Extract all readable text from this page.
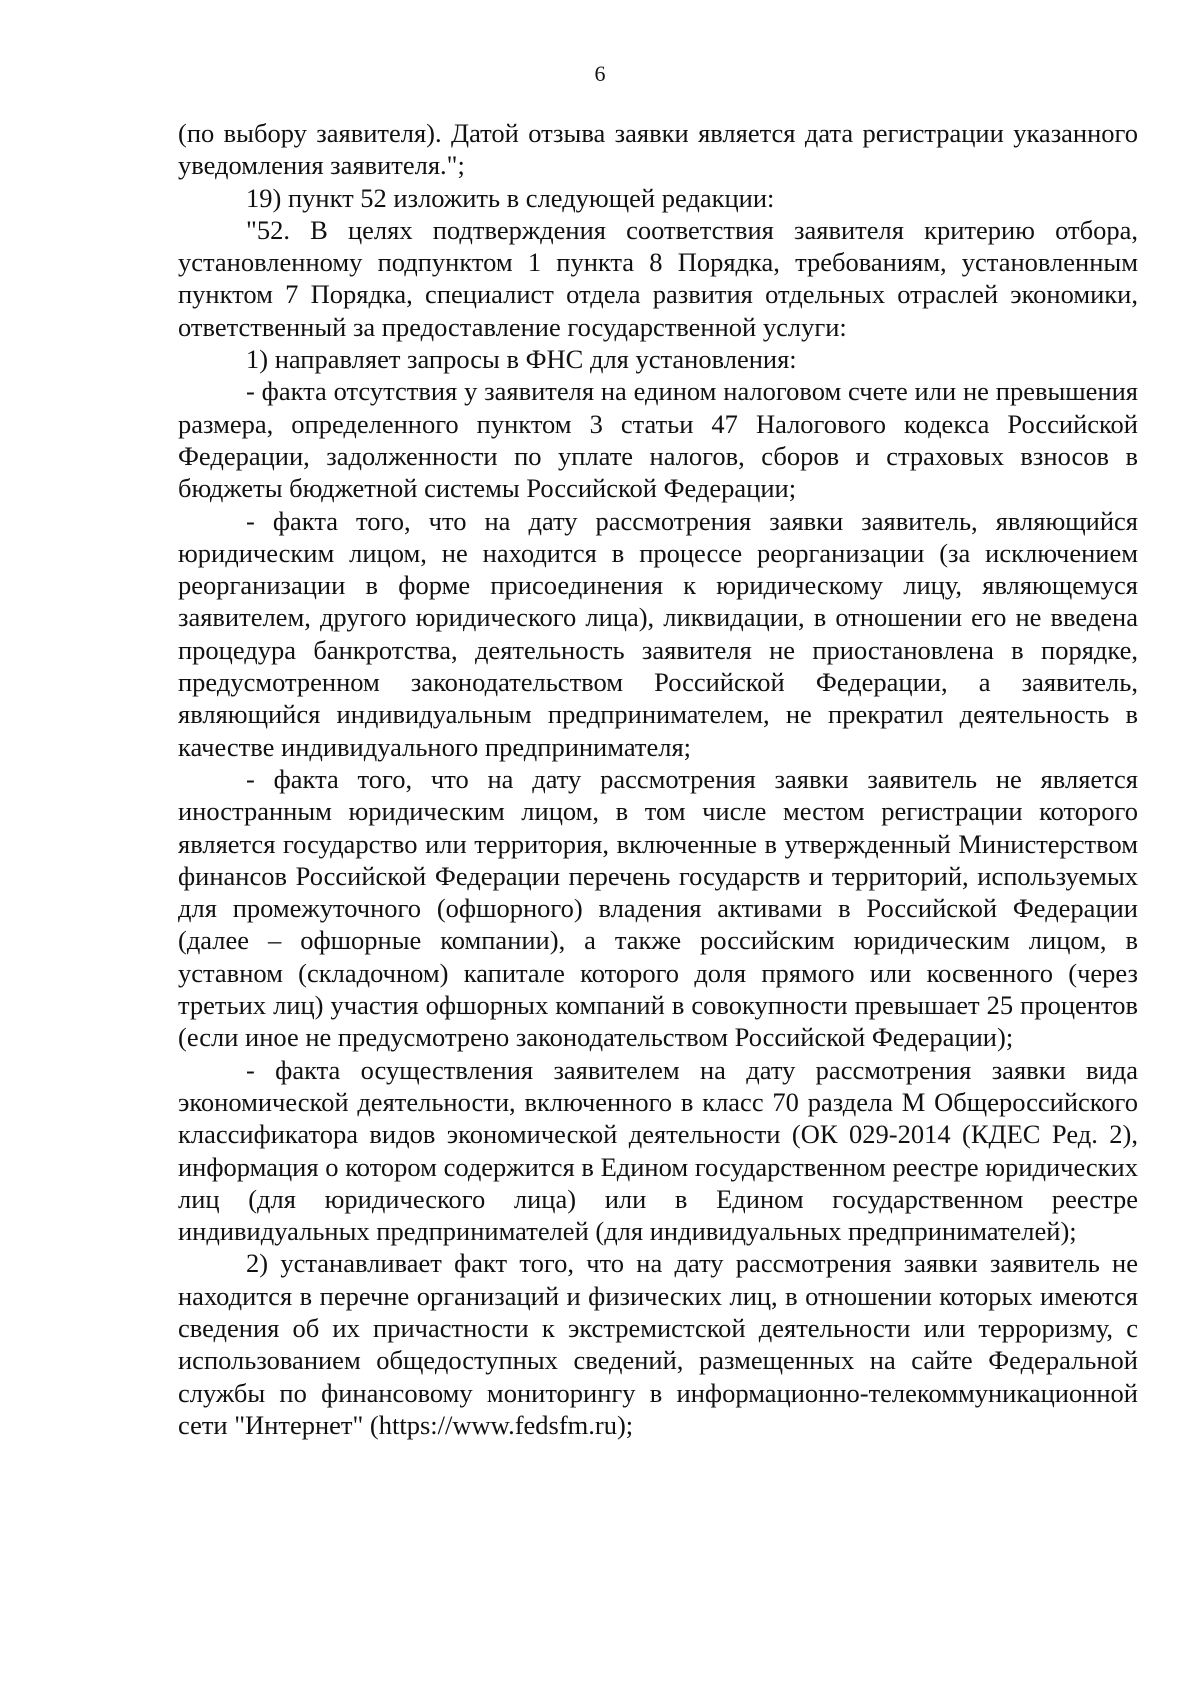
6

(по выбору заявителя). Датой отзыва заявки является дата регистрации указанного уведомления заявителя.";

19) пункт 52 изложить в следующей редакции:

"52. В целях подтверждения соответствия заявителя критерию отбора, установленному подпунктом 1 пункта 8 Порядка, требованиям, установленным пунктом 7 Порядка, специалист отдела развития отдельных отраслей экономики, ответственный за предоставление государственной услуги:

1) направляет запросы в ФНС для установления:

- факта отсутствия у заявителя на едином налоговом счете или не превышения размера, определенного пунктом 3 статьи 47 Налогового кодекса Российской Федерации, задолженности по уплате налогов, сборов и страховых взносов в бюджеты бюджетной системы Российской Федерации;

- факта того, что на дату рассмотрения заявки заявитель, являющийся юридическим лицом, не находится в процессе реорганизации (за исключением реорганизации в форме присоединения к юридическому лицу, являющемуся заявителем, другого юридического лица), ликвидации, в отношении его не введена процедура банкротства, деятельность заявителя не приостановлена в порядке, предусмотренном законодательством Российской Федерации, а заявитель, являющийся индивидуальным предпринимателем, не прекратил деятельность в качестве индивидуального предпринимателя;

- факта того, что на дату рассмотрения заявки заявитель не является иностранным юридическим лицом, в том числе местом регистрации которого является государство или территория, включенные в утвержденный Министерством финансов Российской Федерации перечень государств и территорий, используемых для промежуточного (офшорного) владения активами в Российской Федерации (далее – офшорные компании), а также российским юридическим лицом, в уставном (складочном) капитале которого доля прямого или косвенного (через третьих лиц) участия офшорных компаний в совокупности превышает 25 процентов (если иное не предусмотрено законодательством Российской Федерации);

- факта осуществления заявителем на дату рассмотрения заявки вида экономической деятельности, включенного в класс 70 раздела М Общероссийского классификатора видов экономической деятельности (ОК 029-2014 (КДЕС Ред. 2), информация о котором содержится в Едином государственном реестре юридических лиц (для юридического лица) или в Едином государственном реестре индивидуальных предпринимателей (для индивидуальных предпринимателей);

2) устанавливает факт того, что на дату рассмотрения заявки заявитель не находится в перечне организаций и физических лиц, в отношении которых имеются сведения об их причастности к экстремистской деятельности или терроризму, с использованием общедоступных сведений, размещенных на сайте Федеральной службы по финансовому мониторингу в информационно-телекоммуникационной сети "Интернет" (https://www.fedsfm.ru);
